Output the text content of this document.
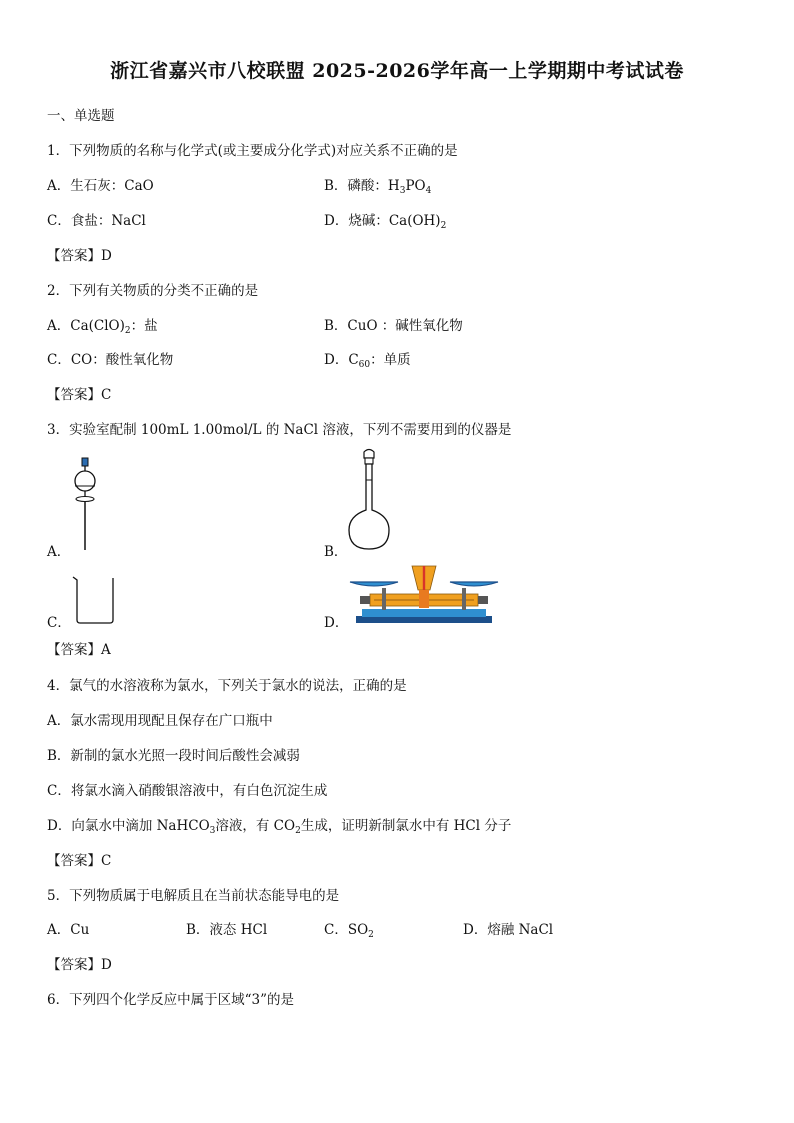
浙江省嘉兴市八校联盟 2025-2026学年高一上学期期中考试试卷
一、单选题
1．下列物质的名称与化学式(或主要成分化学式)对应关系不正确的是
A．生石灰：CaO	B．磷酸：$H_3PO_4$
C．食盐：NaCl	D．烧碱：$Ca(OH)_2$
【答案】D
2．下列有关物质的分类不正确的是
A．$Ca(ClO)_2$：盐	B．CuO ：碱性氧化物
C．CO：酸性氧化物	D．$C_{60}$：单质
【答案】C
3．实验室配制 100mL 1.00mol/L 的 NaCl 溶液，下列不需要用到的仪器是
A．	B．
C．	D．
【答案】A
4．氯气的水溶液称为氯水，下列关于氯水的说法，正确的是
A．氯水需现用现配且保存在广口瓶中
B．新制的氯水光照一段时间后酸性会减弱
C．将氯水滴入硝酸银溶液中，有白色沉淀生成
D．向氯水中滴加 NaHCO$_3$溶液，有 $CO_2$生成，证明新制氯水中有 HCl 分子
【答案】C
5．下列物质属于电解质且在当前状态能导电的是
A．Cu	B．液态 HCl	C．$SO_2$	D．熔融 NaCl
【答案】D
6．下列四个化学反应中属于区域“3”的是
